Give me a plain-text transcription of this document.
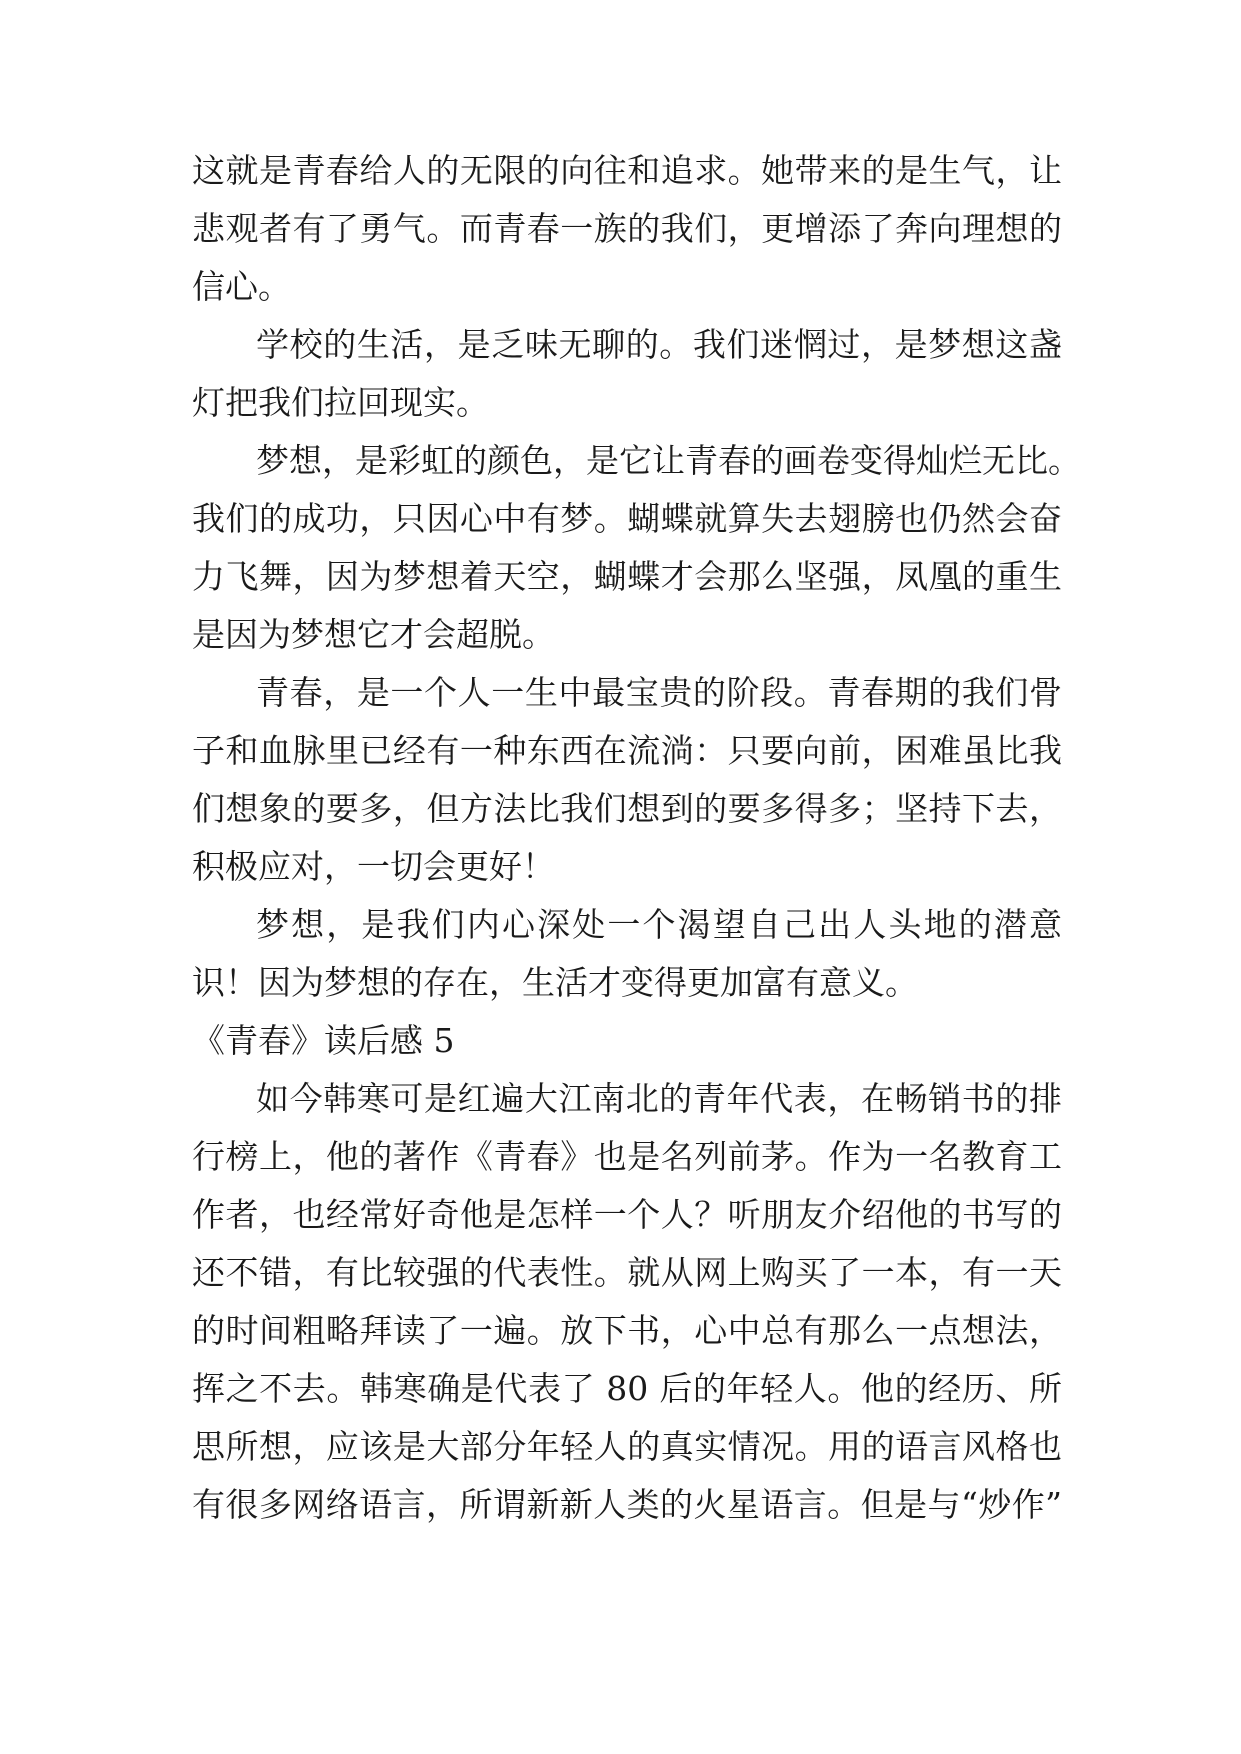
这就是青春给人的无限的向往和追求。她带来的是生气，让
悲观者有了勇气。而青春一族的我们，更增添了奔向理想的
信心。
学校的生活，是乏味无聊的。我们迷惘过，是梦想这盏
灯把我们拉回现实。
梦想，是彩虹的颜色，是它让青春的画卷变得灿烂无比。
我们的成功，只因心中有梦。蝴蝶就算失去翅膀也仍然会奋
力飞舞，因为梦想着天空，蝴蝶才会那么坚强，凤凰的重生
是因为梦想它才会超脱。
青春，是一个人一生中最宝贵的阶段。青春期的我们骨
子和血脉里已经有一种东西在流淌：只要向前，困难虽比我
们想象的要多，但方法比我们想到的要多得多；坚持下去，
积极应对，一切会更好！
梦想，是我们内心深处一个渴望自己出人头地的潜意
识！因为梦想的存在，生活才变得更加富有意义。
《青春》读后感 5
如今韩寒可是红遍大江南北的青年代表，在畅销书的排
行榜上，他的著作《青春》也是名列前茅。作为一名教育工
作者，也经常好奇他是怎样一个人？听朋友介绍他的书写的
还不错，有比较强的代表性。就从网上购买了一本，有一天
的时间粗略拜读了一遍。放下书，心中总有那么一点想法，
挥之不去。韩寒确是代表了 80 后的年轻人。他的经历、所
思所想，应该是大部分年轻人的真实情况。用的语言风格也
有很多网络语言，所谓新新人类的火星语言。但是与“炒作”
